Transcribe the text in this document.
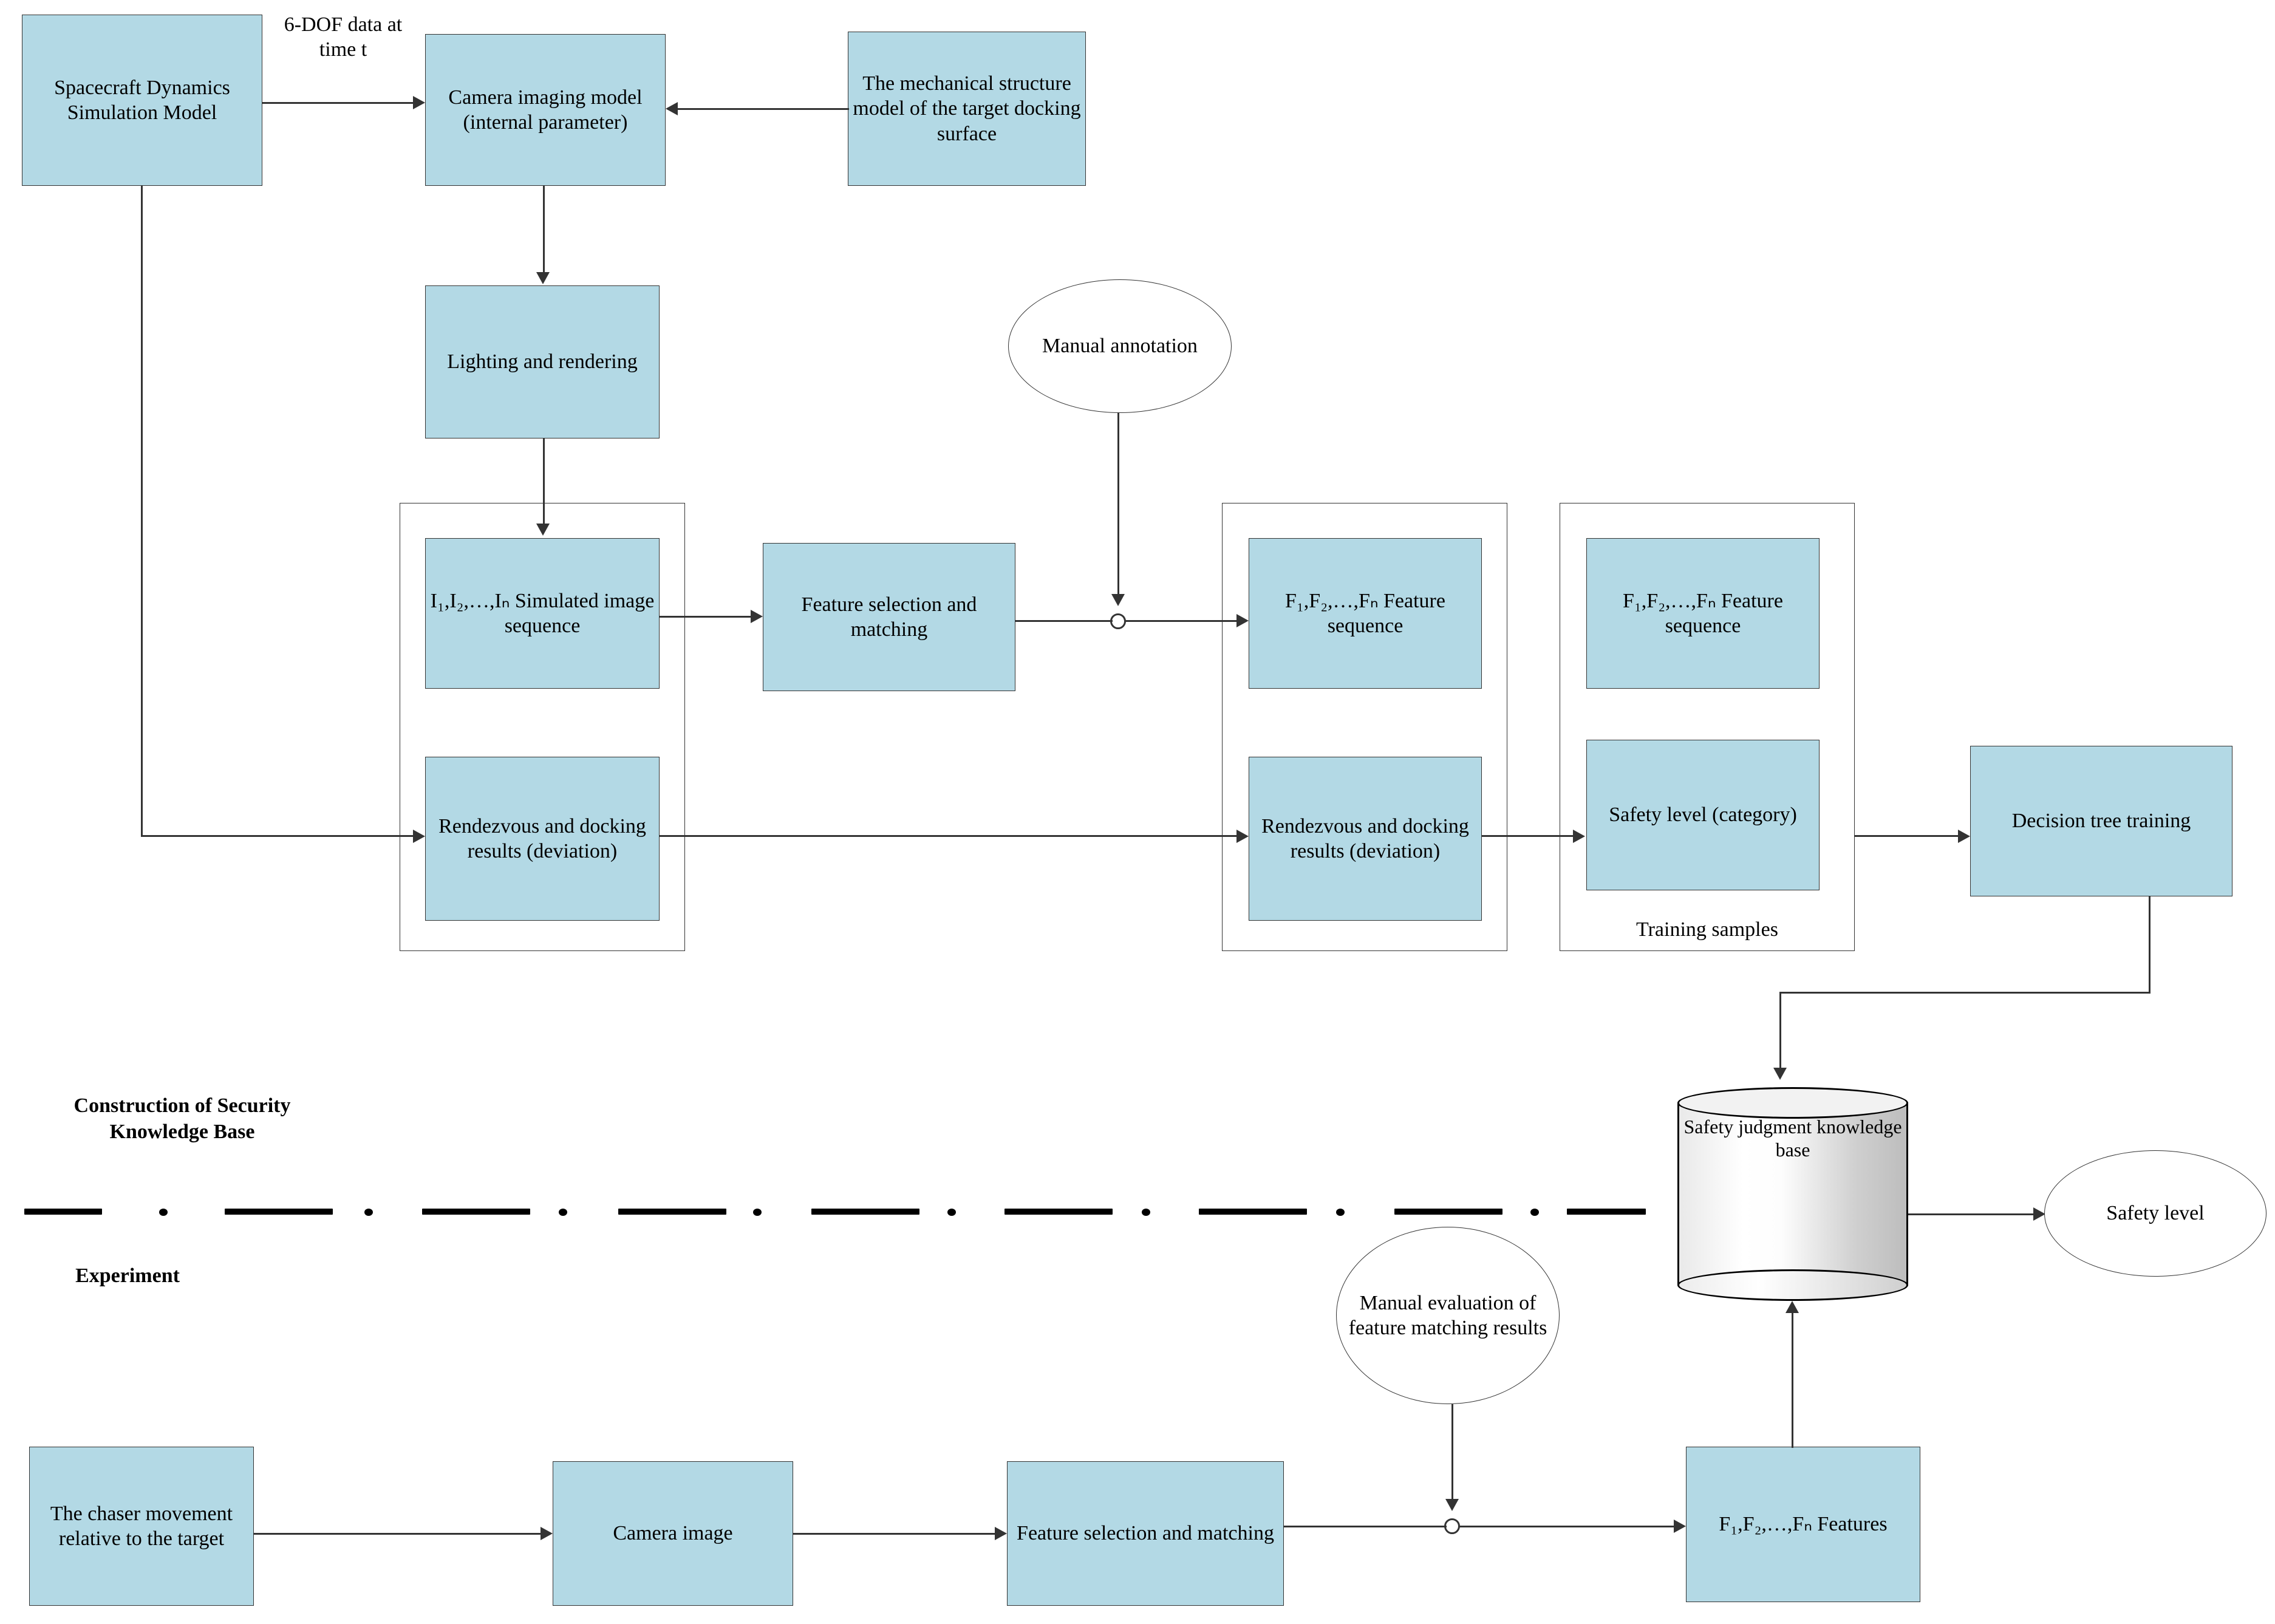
Spacecraft Dynamics Simulation Model
6-DOF data at time t
Camera imaging model (internal parameter)
The mechanical structure model of the target docking surface
Lighting and rendering
I₁,I₂,…,Iₙ Simulated image sequence
Rendezvous and docking results (deviation)
Feature selection and matching
Manual annotation
F₁,F₂,…,Fₙ Feature sequence
Rendezvous and docking results (deviation)
F₁,F₂,…,Fₙ Feature sequence
Safety level (category)
Training samples
Decision tree training
Construction of Security Knowledge Base
Experiment
Safety judgment knowledge base
Safety level
The chaser movement relative to the target	Camera image	Feature selection and matching
Manual evaluation of feature matching results
F₁,F₂,…,Fₙ Features
